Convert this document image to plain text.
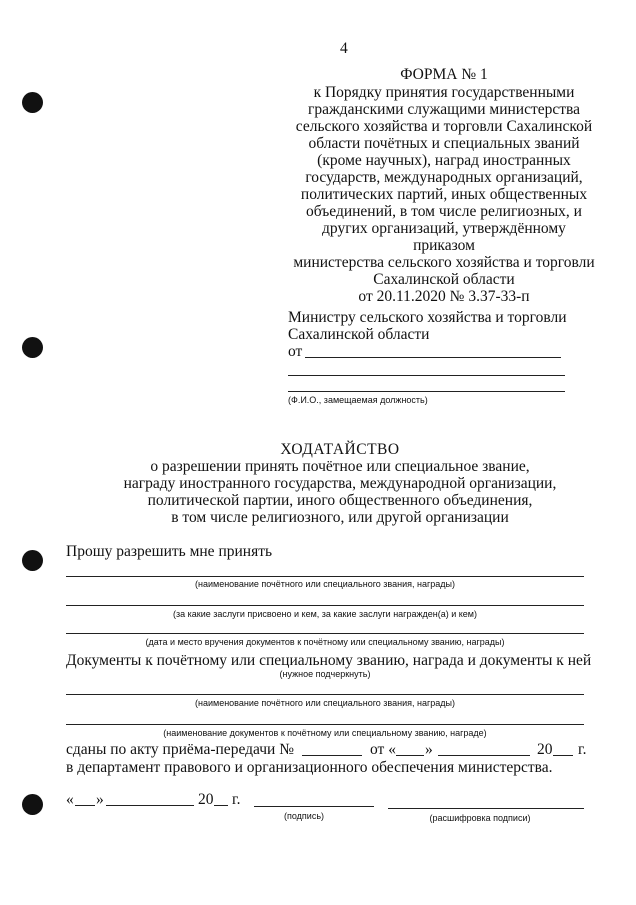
4
ФОРМА № 1
к Порядку принятия государственными
гражданскими служащими министерства
сельского хозяйства и торговли Сахалинской
области почётных и специальных званий
(кроме научных), наград иностранных
государств, международных организаций,
политических партий, иных общественных
объединений, в том числе религиозных, и
других организаций, утверждённому приказом
министерства сельского хозяйства и торговли
Сахалинской области
от 20.11.2020 № 3.37-33-п
Министру сельского хозяйства и торговли
Сахалинской области
от
(Ф.И.О., замещаемая должность)
ХОДАТАЙСТВО
о разрешении принять почётное или специальное звание,
награду иностранного государства, международной организации,
политической партии, иного общественного объединения,
в том числе религиозного, или другой организации
Прошу разрешить мне принять
(наименование почётного или специального звания, награды)
(за какие заслуги присвоено и кем, за какие заслуги награжден(а) и кем)
(дата и место вручения документов к почётному или специальному званию, награды)
Документы к почётному или специальному званию, награда и документы к ней
(нужное подчеркнуть)
(наименование почётного или специального звания, награды)
(наименование документов к почётному или специальному званию, награде)
сданы по акту приёма-передачи №	от « »	20 г.
в департамент правового и организационного обеспечения министерства.
« »	20 г.
(подпись)	(расшифровка подписи)
